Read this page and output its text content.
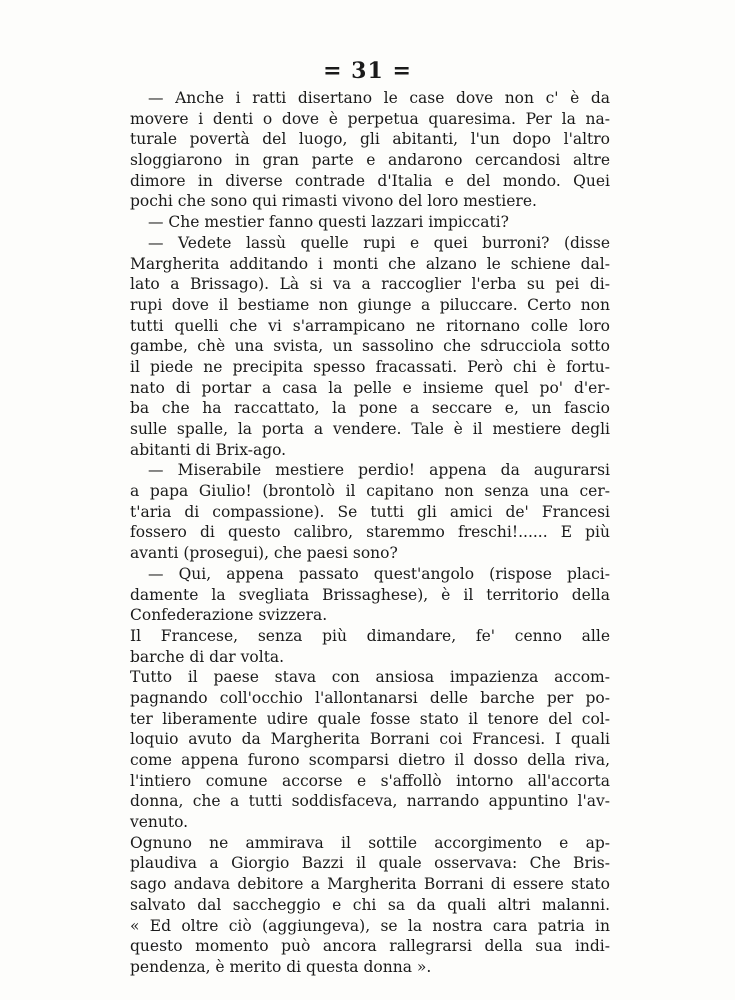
= 31 =
— Anche i ratti disertano le case dove non c' è da
movere i denti o dove è perpetua quaresima. Per la na-
turale povertà del luogo, gli abitanti, l'un dopo l'altro
sloggiarono in gran parte e andarono cercandosi altre
dimore in diverse contrade d'Italia e del mondo. Quei
pochi che sono qui rimasti vivono del loro mestiere.
— Che mestier fanno questi lazzari impiccati?
— Vedete lassù quelle rupi e quei burroni? (disse
Margherita additando i monti che alzano le schiene dal-
lato a Brissago). Là si va a raccoglier l'erba su pei di-
rupi dove il bestiame non giunge a piluccare. Certo non
tutti quelli che vi s'arrampicano ne ritornano colle loro
gambe, chè una svista, un sassolino che sdrucciola sotto
il piede ne precipita spesso fracassati. Però chi è fortu-
nato di portar a casa la pelle e insieme quel po' d'er-
ba che ha raccattato, la pone a seccare e, un fascio
sulle spalle, la porta a vendere. Tale è il mestiere degli
abitanti di Brix-ago.
— Miserabile mestiere perdio! appena da augurarsi
a papa Giulio! (brontolò il capitano non senza una cer-
t'aria di compassione). Se tutti gli amici de' Francesi
fossero di questo calibro, staremmo freschi!...... E più
avanti (prosegui), che paesi sono?
— Qui, appena passato quest'angolo (rispose placi-
damente la svegliata Brissaghese), è il territorio della
Confederazione svizzera.
Il Francese, senza più dimandare, fe' cenno alle
barche di dar volta.
Tutto il paese stava con ansiosa impazienza accom-
pagnando coll'occhio l'allontanarsi delle barche per po-
ter liberamente udire quale fosse stato il tenore del col-
loquio avuto da Margherita Borrani coi Francesi. I quali
come appena furono scomparsi dietro il dosso della riva,
l'intiero comune accorse e s'affollò intorno all'accorta
donna, che a tutti soddisfaceva, narrando appuntino l'av-
venuto.
Ognuno ne ammirava il sottile accorgimento e ap-
plaudiva a Giorgio Bazzi il quale osservava: Che Bris-
sago andava debitore a Margherita Borrani di essere stato
salvato dal saccheggio e chi sa da quali altri malanni.
« Ed oltre ciò (aggiungeva), se la nostra cara patria in
questo momento può ancora rallegrarsi della sua indi-
pendenza, è merito di questa donna ».
